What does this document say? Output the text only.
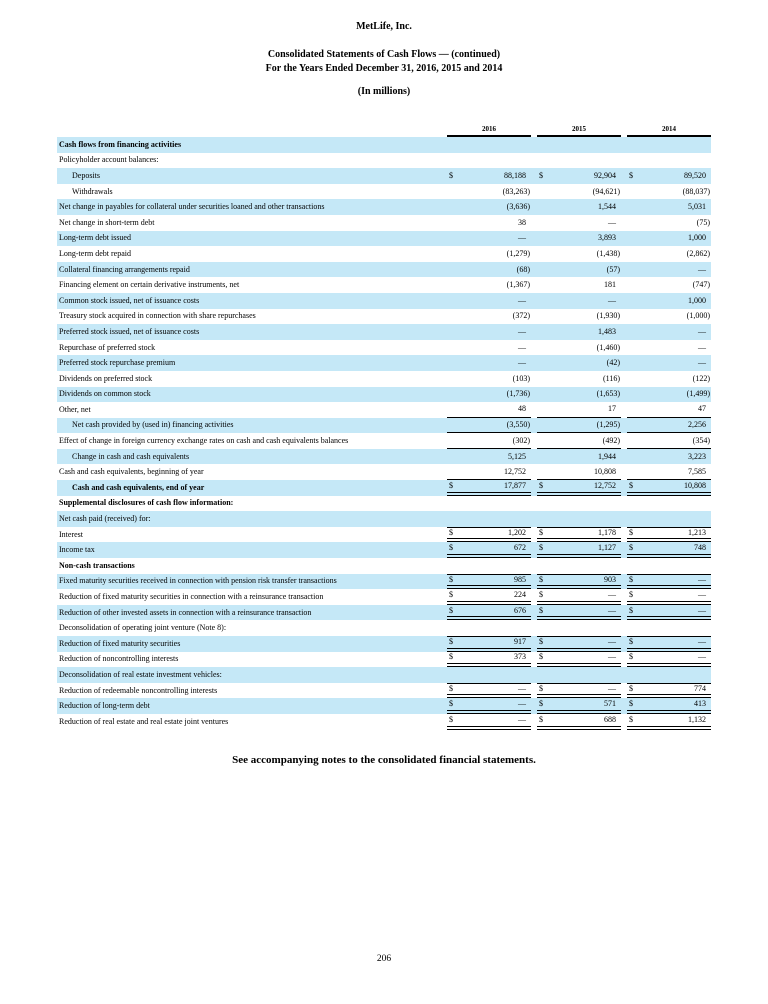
MetLife, Inc.
Consolidated Statements of Cash Flows — (continued)
For the Years Ended December 31, 2016, 2015 and 2014
(In millions)
	2016			2015			2014	
Cash flows from financing activities								
Policyholder account balances:								
Deposits	$	88,188		$	92,904		$	89,520
Withdrawals		(83,263)			(94,621)			(88,037)
Net change in payables for collateral under securities loaned and other transactions		(3,636)			1,544			5,031
Net change in short-term debt		38			—			(75)
Long-term debt issued		—			3,893			1,000
Long-term debt repaid		(1,279)			(1,438)			(2,862)
Collateral financing arrangements repaid		(68)			(57)			—
Financing element on certain derivative instruments, net		(1,367)			181			(747)
Common stock issued, net of issuance costs		—			—			1,000
Treasury stock acquired in connection with share repurchases		(372)			(1,930)			(1,000)
Preferred stock issued, net of issuance costs		—			1,483			—
Repurchase of preferred stock		—			(1,460)			—
Preferred stock repurchase premium		—			(42)			—
Dividends on preferred stock		(103)			(116)			(122)
Dividends on common stock		(1,736)			(1,653)			(1,499)
Other, net		48			17			47
Net cash provided by (used in) financing activities		(3,550)			(1,295)			2,256
Effect of change in foreign currency exchange rates on cash and cash equivalents balances		(302)			(492)			(354)
Change in cash and cash equivalents		5,125			1,944			3,223
Cash and cash equivalents, beginning of year		12,752			10,808			7,585
Cash and cash equivalents, end of year	$	17,877		$	12,752		$	10,808
Supplemental disclosures of cash flow information:								
Net cash paid (received) for:								
Interest	$	1,202		$	1,178		$	1,213
Income tax	$	672		$	1,127		$	748
Non-cash transactions								
Fixed maturity securities received in connection with pension risk transfer transactions	$	985		$	903		$	—
Reduction of fixed maturity securities in connection with a reinsurance transaction	$	224		$	—		$	—
Reduction of other invested assets in connection with a reinsurance transaction	$	676		$	—		$	—
Deconsolidation of operating joint venture (Note 8):								
Reduction of fixed maturity securities	$	917		$	—		$	—
Reduction of noncontrolling interests	$	373		$	—		$	—
Deconsolidation of real estate investment vehicles:								
Reduction of redeemable noncontrolling interests	$	—		$	—		$	774
Reduction of long-term debt	$	—		$	571		$	413
Reduction of real estate and real estate joint ventures	$	—		$	688		$	1,132
See accompanying notes to the consolidated financial statements.
206
